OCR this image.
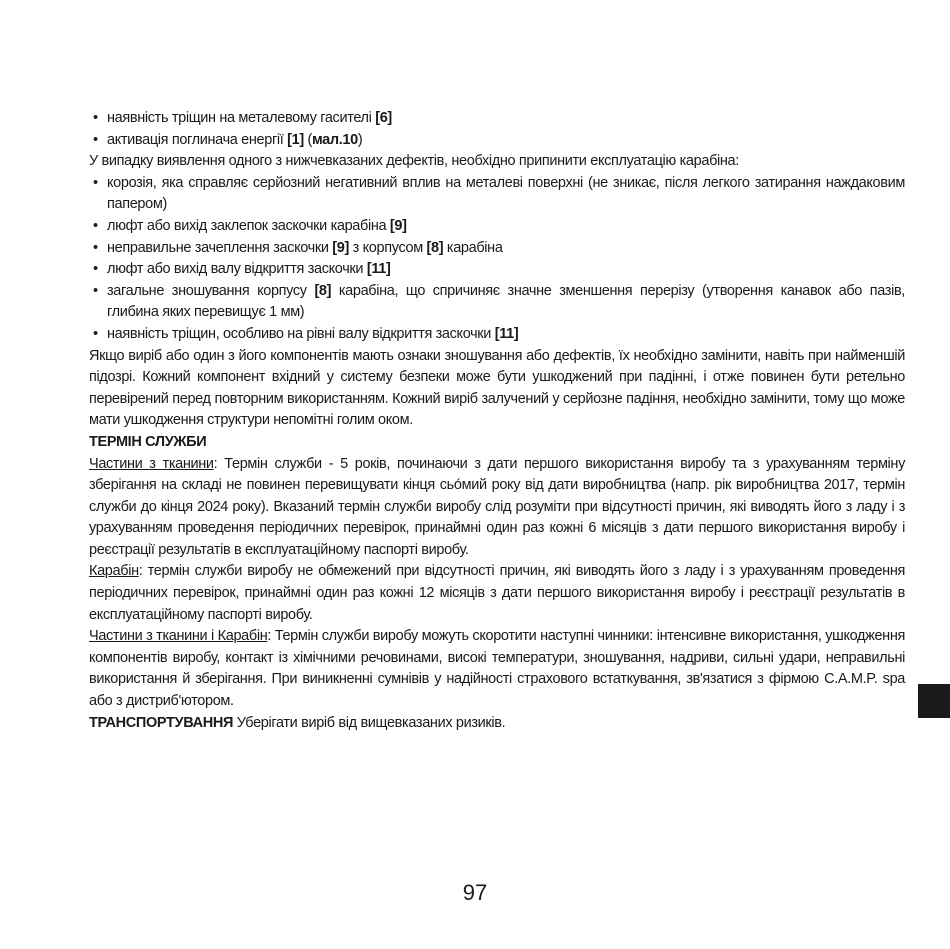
• наявність тріщин на металевому гасителі [6]

• активація поглинача енергії [1] (мал.10)

У випадку виявлення одного з нижчевказаних дефектів, необхідно припинити експлуатацію карабіна:

• корозія, яка справляє серйозний негативний вплив на металеві поверхні (не зникає, після легкого затирання наждаковим папером)

• люфт або вихід заклепок заскочки карабіна [9]

• неправильне зачеплення заскочки [9] з корпусом [8] карабіна

• люфт або вихід валу відкриття заскочки [11]

• загальне зношування корпусу [8] карабіна, що спричиняє значне зменшення перерізу (утворення канавок або пазів, глибина яких перевищує 1 мм)

• наявність тріщин, особливо на рівні валу відкриття заскочки [11]

Якщо виріб або один з його компонентів мають ознаки зношування або дефектів, їх необхідно замінити, навіть при найменшій підозрі. Кожний компонент вхідний у систему безпеки може бути ушкоджений при падінні, і отже повинен бути ретельно перевірений перед повторним використанням. Кожний виріб залучений у серйозне падіння, необхідно замінити, тому що може мати ушкодження структури непомітні голим оком.

ТЕРМІН СЛУЖБИ

Частини з тканини: Термін служби - 5 років, починаючи з дати першого використання виробу та з урахуванням терміну зберігання на складі не повинен перевищувати кінця сьо́мий року від дати виробництва (напр. рік виробництва 2017, термін служби до кінця 2024 року). Вказаний термін служби виробу слід розуміти при відсутності причин, які виводять його з ладу і з урахуванням проведення періодичних перевірок, принаймні один раз кожні 6 місяців з дати першого використання виробу і реєстрації результатів в експлуатаційному паспорті виробу.

Карабін: термін служби виробу не обмежений при відсутності причин, які виводять його з ладу і з урахуванням проведення періодичних перевірок, принаймні один раз кожні 12 місяців з дати першого використання виробу і реєстрації результатів в експлуатаційному паспорті виробу.

Частини з тканини і Карабін: Термін служби виробу можуть скоротити наступні чинники: інтенсивне використання, ушкодження компонентів виробу, контакт із хімічними речовинами, високі температури, зношування, надриви, сильні удари, неправильні використання й зберігання. При виникненні сумнівів у надійності страхового встаткування, зв'язатися з фірмою C.A.M.P. spa або з дистриб'ютором.

ТРАНСПОРТУВАННЯ Уберігати виріб від вищевказаних ризиків.

97
